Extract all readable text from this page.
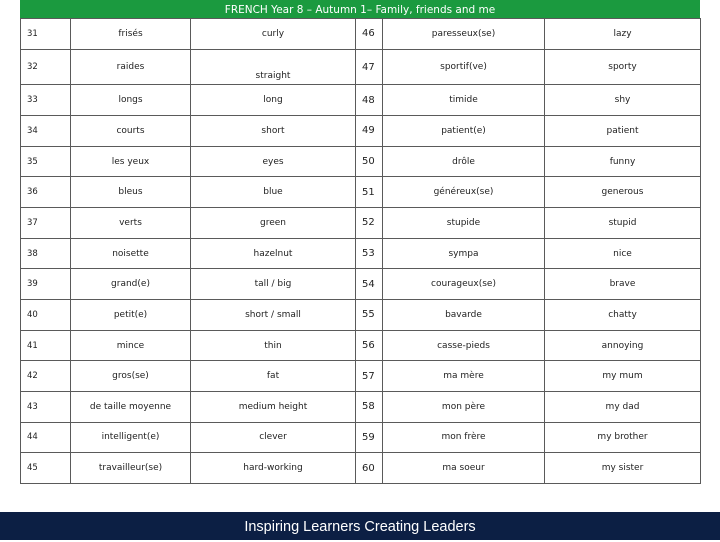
FRENCH Year 8 – Autumn 1– Family, friends and me
31	frisés	curly	46	paresseux(se)	lazy
32	raides	straight	47	sportif(ve)	sporty
33	longs	long	48	timide	shy
34	courts	short	49	patient(e)	patient
35	les yeux	eyes	50	drôle	funny
36	bleus	blue	51	généreux(se)	generous
37	verts	green	52	stupide	stupid
38	noisette	hazelnut	53	sympa	nice
39	grand(e)	tall / big	54	courageux(se)	brave
40	petit(e)	short / small	55	bavarde	chatty
41	mince	thin	56	casse-pieds	annoying
42	gros(se)	fat	57	ma mère	my mum
43	de taille moyenne	medium height	58	mon père	my dad
44	intelligent(e)	clever	59	mon frère	my brother
45	travailleur(se)	hard-working	60	ma soeur	my sister
Inspiring Learners Creating Leaders
